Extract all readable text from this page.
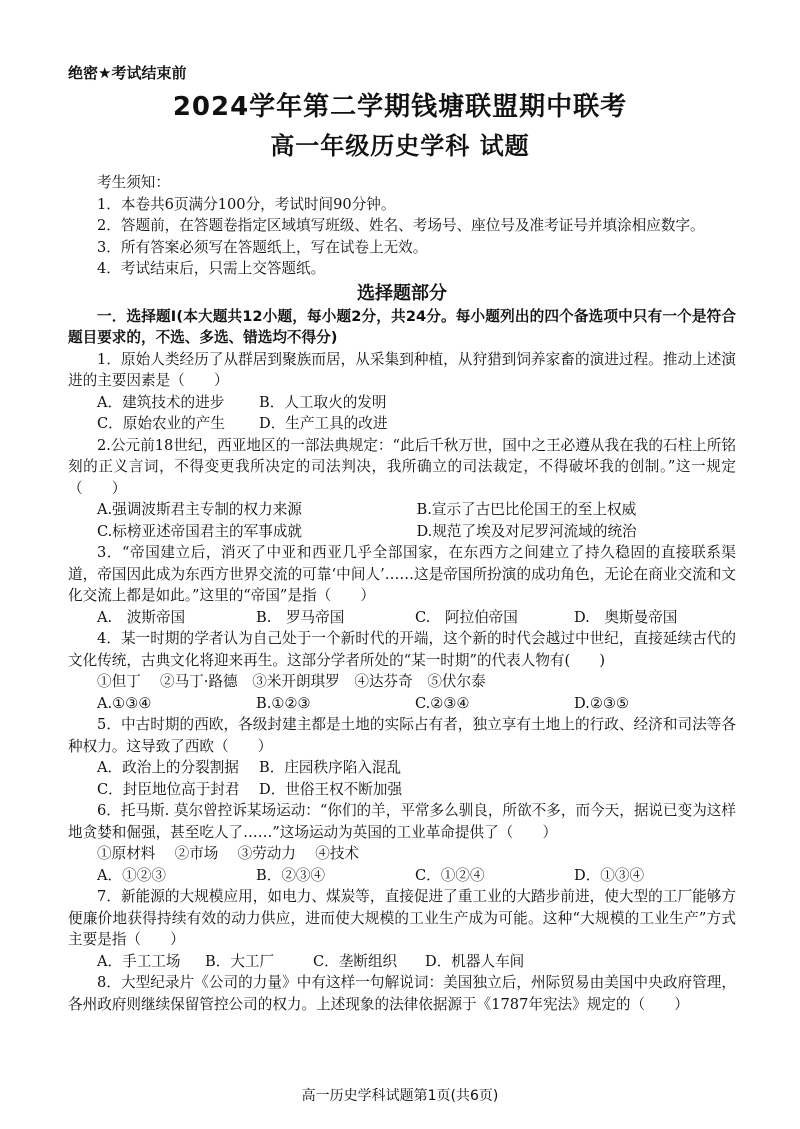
绝密★考试结束前
2024学年第二学期钱塘联盟期中联考
高一年级历史学科 试题
考生须知：
1．本卷共6页满分100分，考试时间90分钟。
2．答题前，在答题卷指定区域填写班级、姓名、考场号、座位号及准考证号并填涂相应数字。
3．所有答案必须写在答题纸上，写在试卷上无效。
4．考试结束后，只需上交答题纸。
选择题部分
一．选择题Ⅰ(本大题共12小题，每小题2分，共24分。每小题列出的四个备选项中只有一个是符合题目要求的，不选、多选、错选均不得分)
1．原始人类经历了从群居到聚族而居，从采集到种植，从狩猎到饲养家畜的演进过程。推动上述演进的主要因素是（　　）
A．建筑技术的进步	B．人工取火的发明
C．原始农业的产生	D．生产工具的改进
2.公元前18世纪，西亚地区的一部法典规定：“此后千秋万世，国中之王必遵从我在我的石柱上所铭刻的正义言词，不得变更我所决定的司法判决，我所确立的司法裁定，不得破坏我的创制。”这一规定（　　）
A.强调波斯君主专制的权力来源	B.宣示了古巴比伦国王的至上权威
C.标榜亚述帝国君主的军事成就	D.规范了埃及对尼罗河流域的统治
3．“帝国建立后，消灭了中亚和西亚几乎全部国家，在东西方之间建立了持久稳固的直接联系渠道，帝国因此成为东西方世界交流的可靠‘中间人’……这是帝国所扮演的成功角色，无论在商业交流和文化交流上都是如此。”这里的“帝国”是指（　　）
A.　波斯帝国	B.　罗马帝国	C.　阿拉伯帝国	D.　奥斯曼帝国
4．某一时期的学者认为自己处于一个新时代的开端，这个新的时代会越过中世纪，直接延续古代的文化传统，古典文化将迎来再生。这部分学者所处的“某一时期”的代表人物有(　　)
①但丁　 ②马丁·路德　③米开朗琪罗　④达芬奇　⑤伏尔泰
A.①③④	B.①②③	C.②③④	D.②③⑤
5．中古时期的西欧，各级封建主都是土地的实际占有者，独立享有土地上的行政、经济和司法等各种权力。这导致了西欧（　　）
A．政治上的分裂割据	B．庄园秩序陷入混乱
C．封臣地位高于封君	D．世俗王权不断加强
6．托马斯. 莫尔曾控诉某场运动：“你们的羊，平常多么驯良，所欲不多，而今天，据说已变为这样地贪婪和倔强，甚至吃人了……”这场运动为英国的工业革命提供了（　　）
①原材料　 ②市场　 ③劳动力　 ④技术
A．①②③	B．②③④	C．①②④	D．①③④
7．新能源的大规模应用，如电力、煤炭等，直接促进了重工业的大踏步前进，使大型的工厂能够方便廉价地获得持续有效的动力供应，进而使大规模的工业生产成为可能。这种“大规模的工业生产”方式主要是指（　　）
A．手工工场	B．大工厂	C．垄断组织	D．机器人车间
8．大型纪录片《公司的力量》中有这样一句解说词：美国独立后，州际贸易由美国中央政府管理，各州政府则继续保留管控公司的权力。上述现象的法律依据源于《1787年宪法》规定的（　　）
高一历史学科试题第1页(共6页)
